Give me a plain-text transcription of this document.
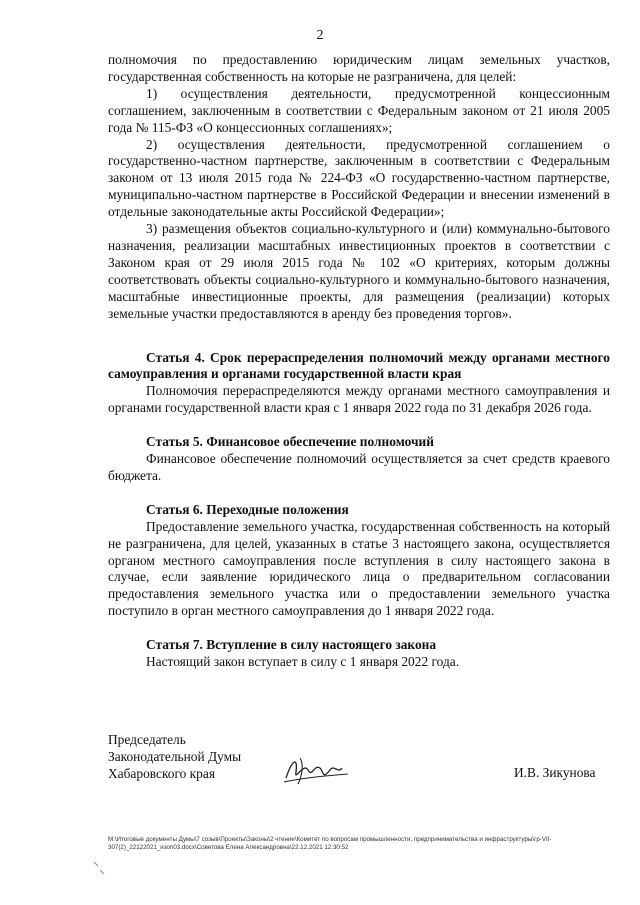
2

полномочия по предоставлению юридическим лицам земельных участков, государственная собственность на которые не разграничена, для целей:

1) осуществления деятельности, предусмотренной концессионным соглашением, заключенным в соответствии с Федеральным законом от 21 июля 2005 года № 115-ФЗ «О концессионных соглашениях»;

2) осуществления деятельности, предусмотренной соглашением о государственно-частном партнерстве, заключенным в соответствии с Федеральным законом от 13 июля 2015 года № 224-ФЗ «О государственно-частном партнерстве, муниципально-частном партнерстве в Российской Федерации и внесении изменений в отдельные законодательные акты Российской Федерации»;

3) размещения объектов социально-культурного и (или) коммунально-бытового назначения, реализации масштабных инвестиционных проектов в соответствии с Законом края от 29 июля 2015 года № 102 «О критериях, которым должны соответствовать объекты социально-культурного и коммунально-бытового назначения, масштабные инвестиционные проекты, для размещения (реализации) которых земельные участки предоставляются в аренду без проведения торгов».

Статья 4. Срок перераспределения полномочий между органами местного самоуправления и органами государственной власти края

Полномочия перераспределяются между органами местного самоуправления и органами государственной власти края с 1 января 2022 года по 31 декабря 2026 года.

Статья 5. Финансовое обеспечение полномочий

Финансовое обеспечение полномочий осуществляется за счет средств краевого бюджета.

Статья 6. Переходные положения

Предоставление земельного участка, государственная собственность на который не разграничена, для целей, указанных в статье 3 настоящего закона, осуществляется органом местного самоуправления после вступления в силу настоящего закона в случае, если заявление юридического лица о предварительном согласовании предоставления земельного участка или о предоставлении земельного участка поступило в орган местного самоуправления до 1 января 2022 года.

Статья 7. Вступление в силу настоящего закона

Настоящий закон вступает в силу с 1 января 2022 года.

Председатель
Законодательной Думы
Хабаровского края	И.В. Зикунова
М:\Итоговые документы Думы\7 созыв\Проекты\Законы\2 чтение\Комитет по вопросам промышленности, предпринимательства и инфраструктуры\гр-VII-
307(2)_22122021_изоп03.docx\Советова Елена Александровна\22.12.2021 12:30:52
